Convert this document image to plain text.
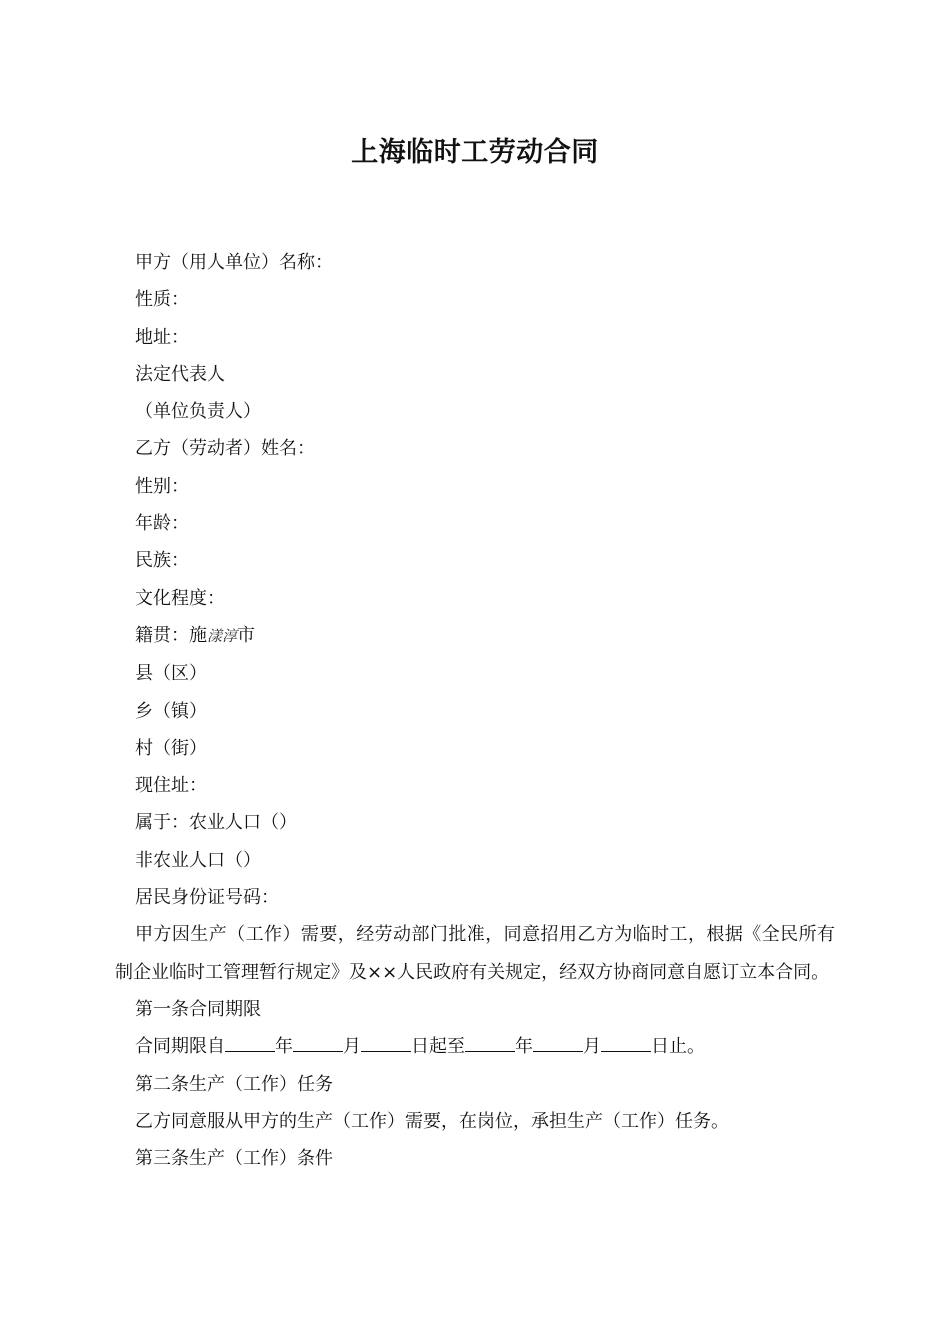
上海临时工劳动合同

甲方（用人单位）名称：

性质：

地址：

法定代表人

（单位负责人）

乙方（劳动者）姓名：

性别：

年龄：

民族：

文化程度：

籍贯：施漾淳市

县（区）

乡（镇）

村（街）

现住址：

属于：农业人口（）

非农业人口（）

居民身份证号码：

甲方因生产（工作）需要，经劳动部门批准，同意招用乙方为临时工，根据《全民所有制企业临时工管理暂行规定》及××人民政府有关规定，经双方协商同意自愿订立本合同。

第一条合同期限

合同期限自	年	月	日起至	年	月	日止。

第二条生产（工作）任务

乙方同意服从甲方的生产（工作）需要，在岗位，承担生产（工作）任务。

第三条生产（工作）条件
